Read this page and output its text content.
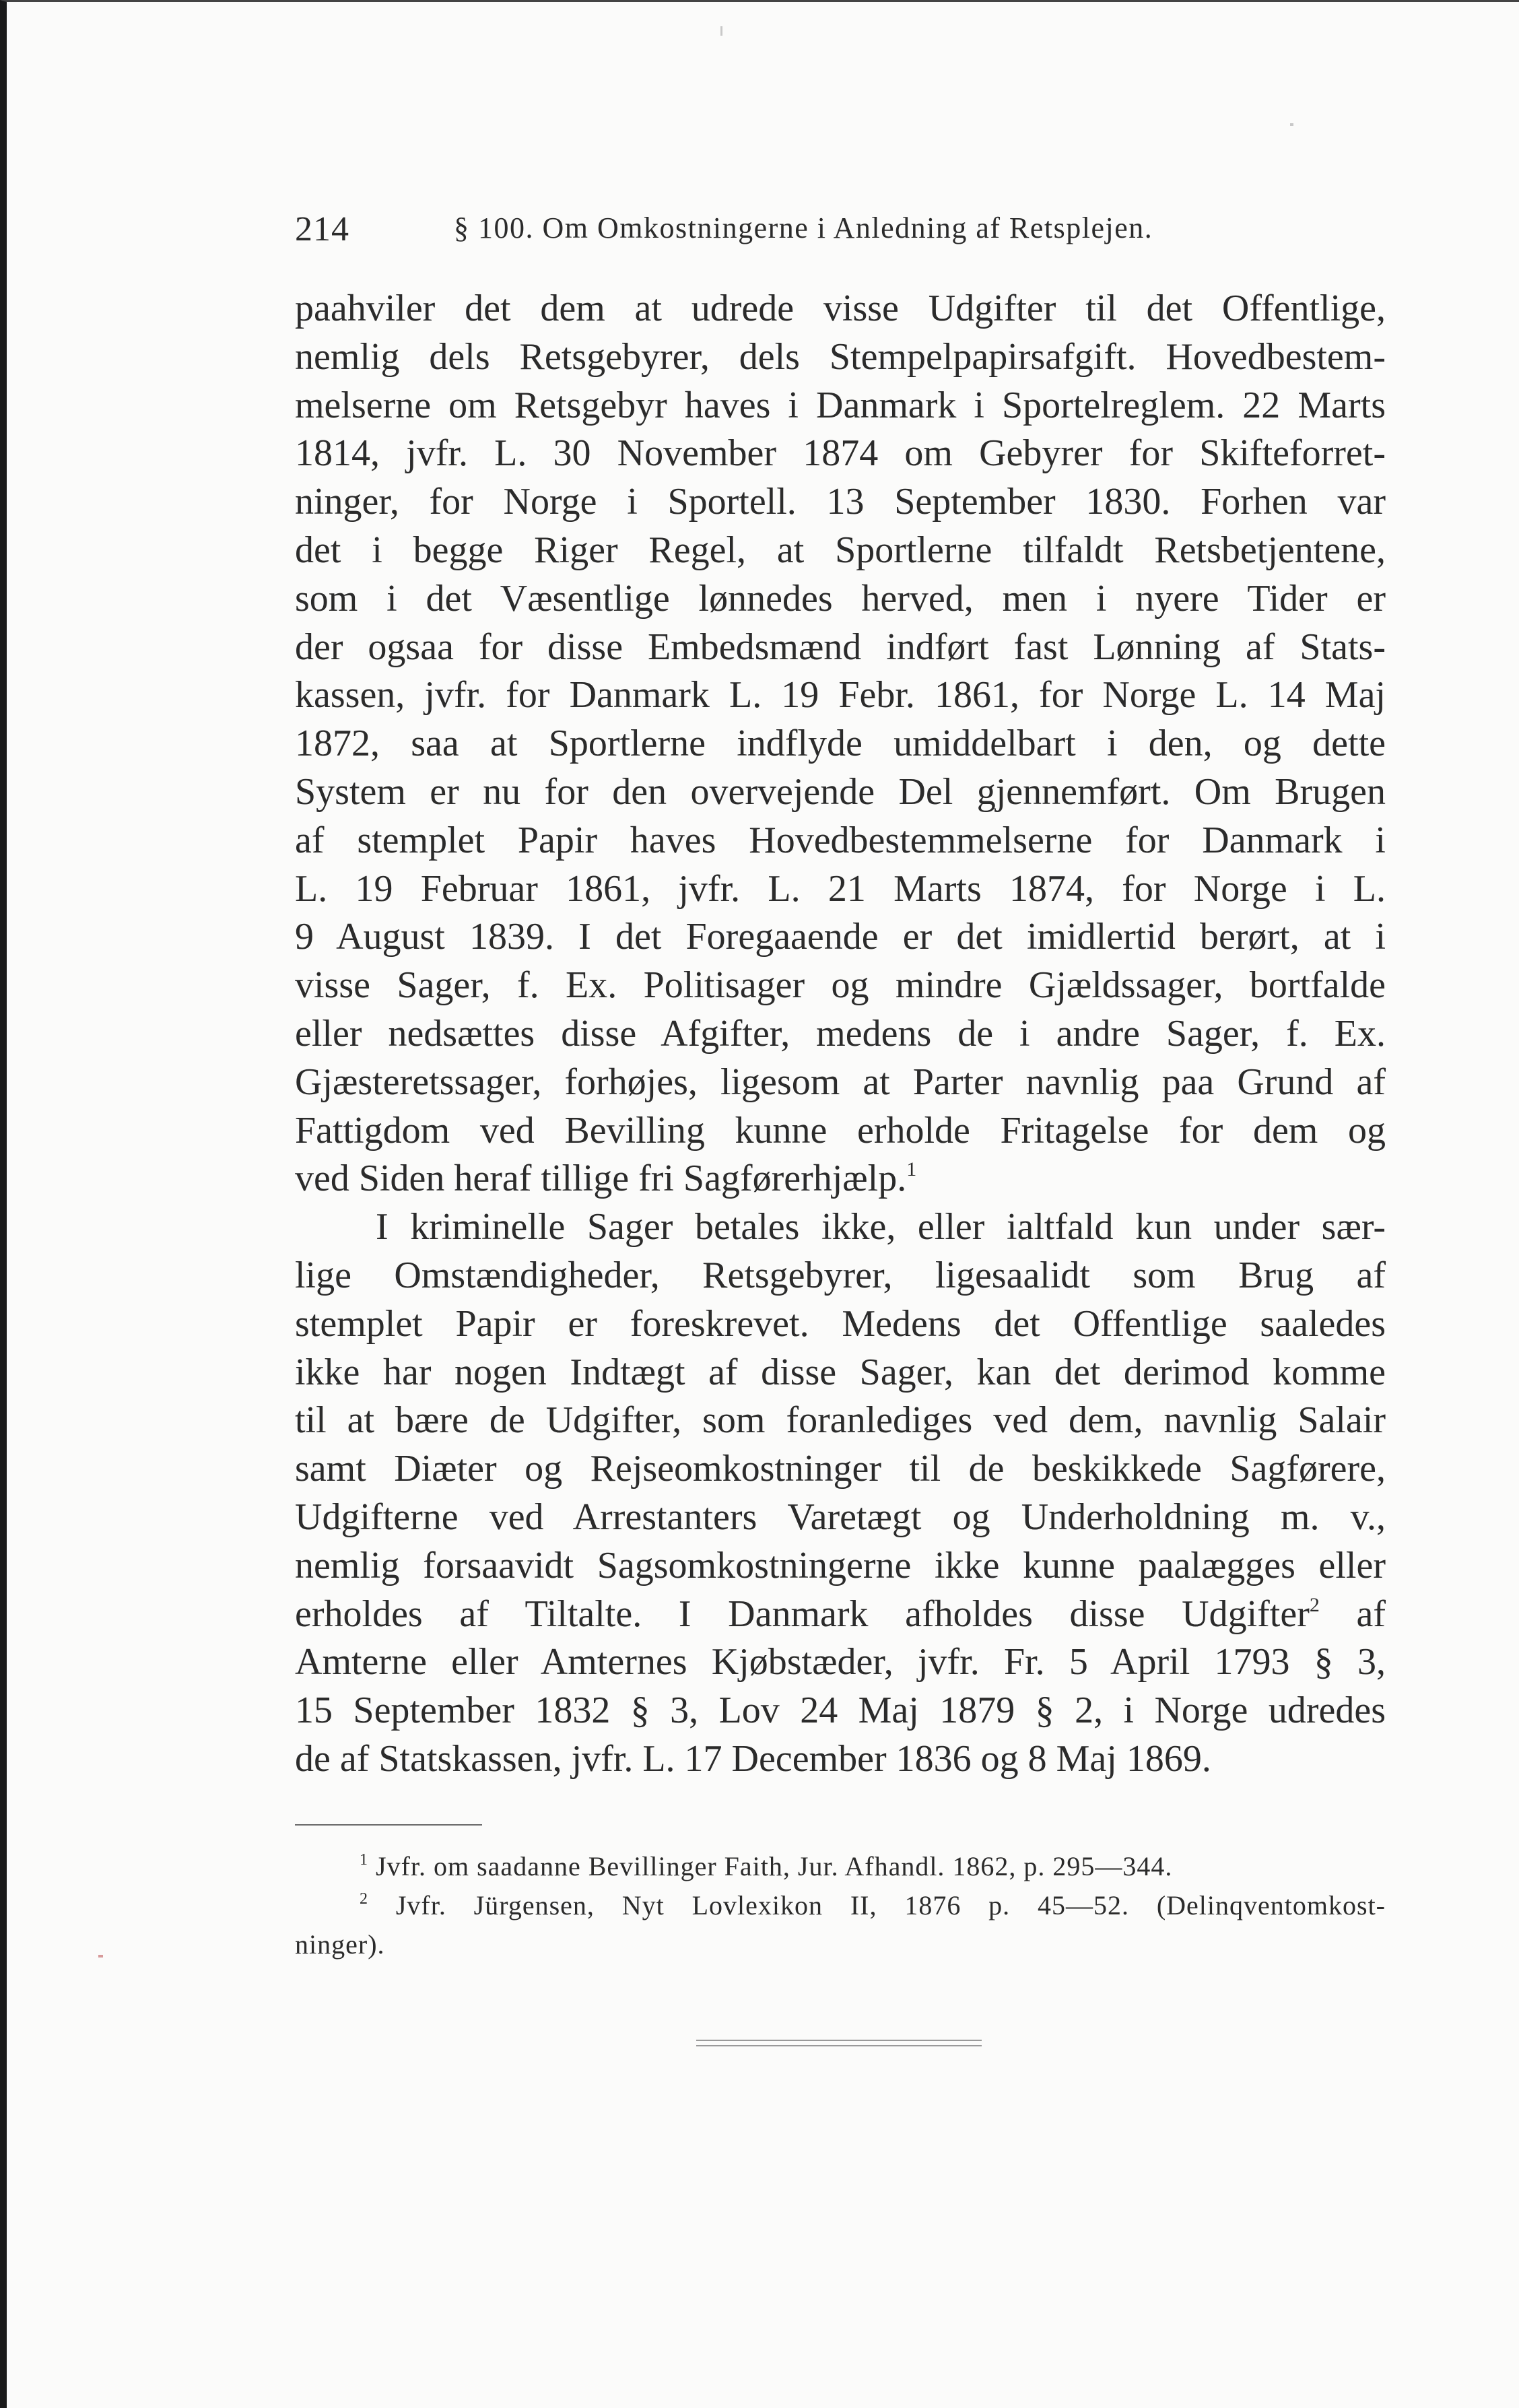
214	§ 100. Om Omkostningerne i Anledning af Retsplejen.
paahviler det dem at udrede visse Udgifter til det Offentlige,
nemlig dels Retsgebyrer, dels Stempelpapirsafgift. Hovedbestem-
melserne om Retsgebyr haves i Danmark i Sportelreglem. 22 Marts
1814, jvfr. L. 30 November 1874 om Gebyrer for Skifteforret-
ninger, for Norge i Sportell. 13 September 1830. Forhen var
det i begge Riger Regel, at Sportlerne tilfaldt Retsbetjentene,
som i det Væsentlige lønnedes herved, men i nyere Tider er
der ogsaa for disse Embedsmænd indført fast Lønning af Stats-
kassen, jvfr. for Danmark L. 19 Febr. 1861, for Norge L. 14 Maj
1872, saa at Sportlerne indflyde umiddelbart i den, og dette
System er nu for den overvejende Del gjennemført. Om Brugen
af stemplet Papir haves Hovedbestemmelserne for Danmark i
L. 19 Februar 1861, jvfr. L. 21 Marts 1874, for Norge i L.
9 August 1839. I det Foregaaende er det imidlertid berørt, at i
visse Sager, f. Ex. Politisager og mindre Gjældssager, bortfalde
eller nedsættes disse Afgifter, medens de i andre Sager, f. Ex.
Gjæsteretssager, forhøjes, ligesom at Parter navnlig paa Grund af
Fattigdom ved Bevilling kunne erholde Fritagelse for dem og
ved Siden heraf tillige fri Sagførerhjælp.$^1$
I kriminelle Sager betales ikke, eller ialtfald kun under sær-
lige Omstændigheder, Retsgebyrer, ligesaalidt som Brug af
stemplet Papir er foreskrevet. Medens det Offentlige saaledes
ikke har nogen Indtægt af disse Sager, kan det derimod komme
til at bære de Udgifter, som foranlediges ved dem, navnlig Salair
samt Diæter og Rejseomkostninger til de beskikkede Sagførere,
Udgifterne ved Arrestanters Varetægt og Underholdning m. v.,
nemlig forsaavidt Sagsomkostningerne ikke kunne paalægges eller
erholdes af Tiltalte. I Danmark afholdes disse Udgifter$^2$ af
Amterne eller Amternes Kjøbstæder, jvfr. Fr. 5 April 1793 § 3,
15 September 1832 § 3, Lov 24 Maj 1879 § 2, i Norge udredes
de af Statskassen, jvfr. L. 17 December 1836 og 8 Maj 1869.
$^1$ Jvfr. om saadanne Bevillinger Faith, Jur. Afhandl. 1862, p. 295—344.
$^2$ Jvfr. Jürgensen, Nyt Lovlexikon II, 1876 p. 45—52. (Delinqventomkost-
ninger).
